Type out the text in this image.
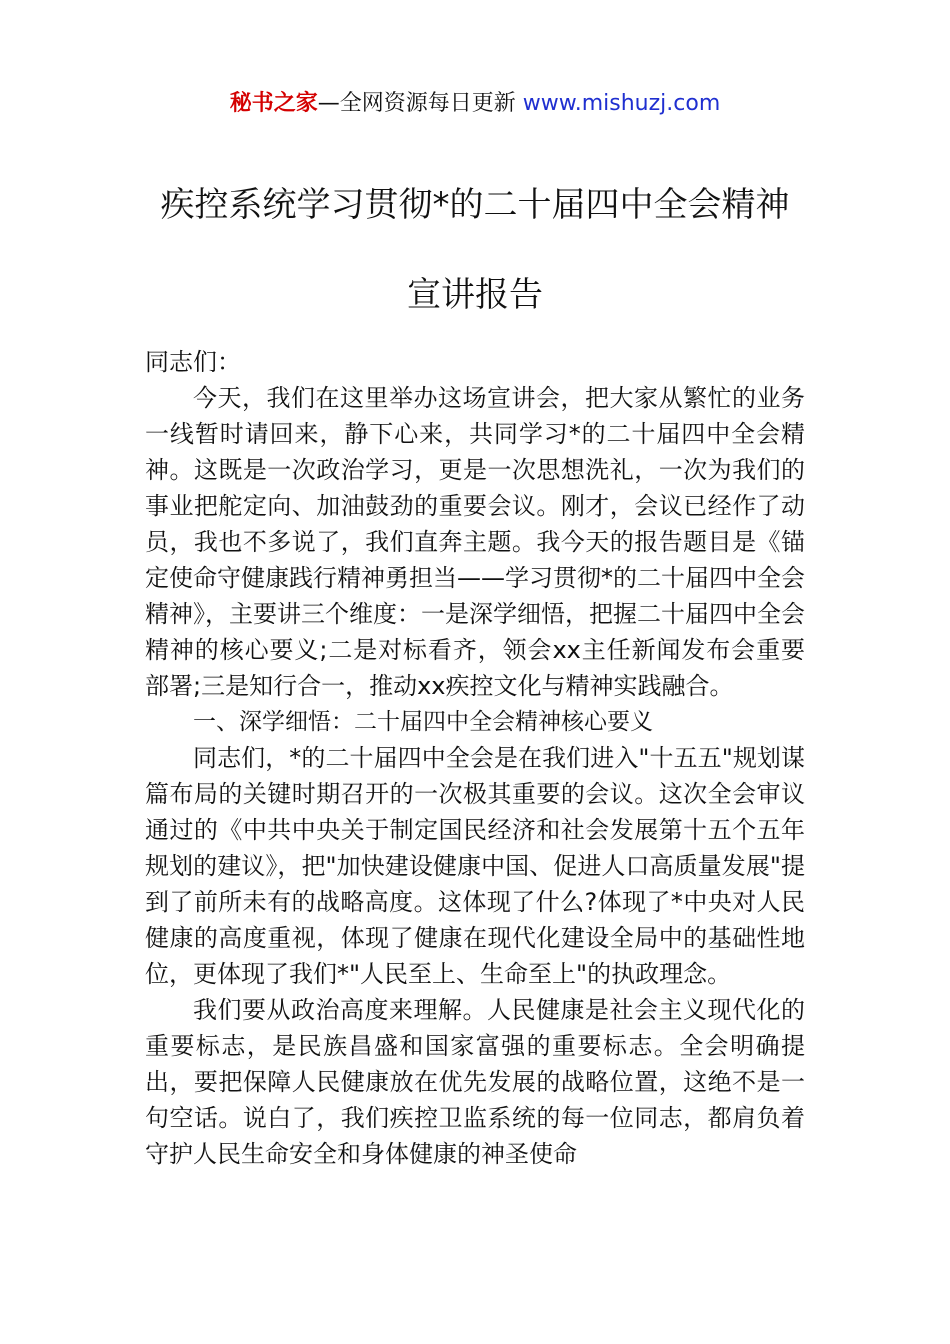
秘书之家—全网资源每日更新 www.mishuzj.com
疾控系统学习贯彻*的二十届四中全会精神
宣讲报告

同志们：

今天，我们在这里举办这场宣讲会，把大家从繁忙的业务一线暂时请回来，静下心来，共同学习*的二十届四中全会精神。这既是一次政治学习，更是一次思想洗礼，一次为我们的事业把舵定向、加油鼓劲的重要会议。刚才，会议已经作了动员，我也不多说了，我们直奔主题。我今天的报告题目是《锚定使命守健康践行精神勇担当——学习贯彻*的二十届四中全会精神》，主要讲三个维度：一是深学细悟，把握二十届四中全会精神的核心要义;二是对标看齐，领会xx主任新闻发布会重要部署;三是知行合一，推动xx疾控文化与精神实践融合。

一、深学细悟：二十届四中全会精神核心要义

同志们，*的二十届四中全会是在我们进入"十五五"规划谋篇布局的关键时期召开的一次极其重要的会议。这次全会审议通过的《中共中央关于制定国民经济和社会发展第十五个五年规划的建议》，把"加快建设健康中国、促进人口高质量发展"提到了前所未有的战略高度。这体现了什么?体现了*中央对人民健康的高度重视，体现了健康在现代化建设全局中的基础性地位，更体现了我们*"人民至上、生命至上"的执政理念。

我们要从政治高度来理解。人民健康是社会主义现代化的重要标志，是民族昌盛和国家富强的重要标志。全会明确提出，要把保障人民健康放在优先发展的战略位置，这绝不是一句空话。说白了，我们疾控卫监系统的每一位同志，都肩负着守护人民生命安全和身体健康的神圣使命
